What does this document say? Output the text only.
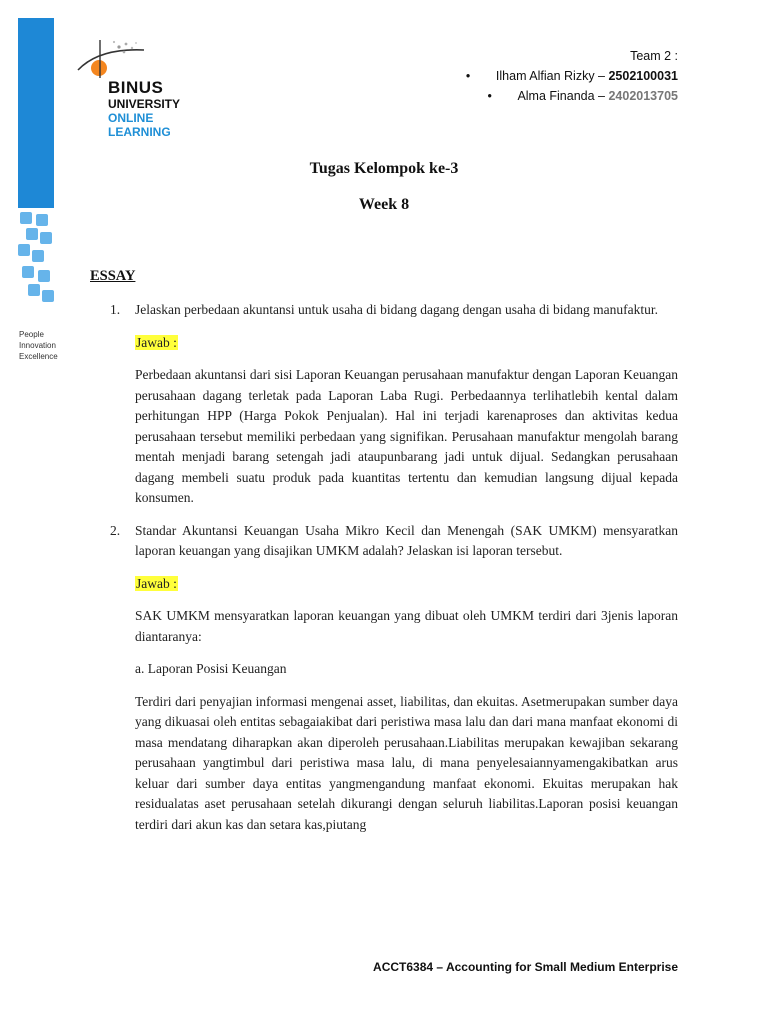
People
Innovation
Excellence
BINUS
UNIVERSITY
ONLINE
LEARNING
Team 2 :
• Ilham Alfian Rizky – 2502100031
• Alma Finanda – 2402013705
Tugas Kelompok ke-3
Week 8
ESSAY
1.	Jelaskan perbedaan akuntansi untuk usaha di bidang dagang dengan usaha di bidang manufaktur.

Jawab :

Perbedaan akuntansi dari sisi Laporan Keuangan perusahaan manufaktur dengan Laporan Keuangan perusahaan dagang terletak pada Laporan Laba Rugi. Perbedaannya terlihatlebih kental dalam perhitungan HPP (Harga Pokok Penjualan). Hal ini terjadi karenaproses dan aktivitas kedua perusahaan tersebut memiliki perbedaan yang signifikan. Perusahaan manufaktur mengolah barang mentah menjadi barang setengah jadi ataupunbarang jadi untuk dijual. Sedangkan perusahaan dagang membeli suatu produk pada kuantitas tertentu dan kemudian langsung dijual kepada konsumen.

2.	Standar Akuntansi Keuangan Usaha Mikro Kecil dan Menengah (SAK UMKM) mensyaratkan laporan keuangan yang disajikan UMKM adalah? Jelaskan isi laporan tersebut.

Jawab :

SAK UMKM mensyaratkan laporan keuangan yang dibuat oleh UMKM terdiri dari 3jenis laporan diantaranya:

a. Laporan Posisi Keuangan

Terdiri dari penyajian informasi mengenai asset, liabilitas, dan ekuitas. Asetmerupakan sumber daya yang dikuasai oleh entitas sebagaiakibat dari peristiwa masa lalu dan dari mana manfaat ekonomi di masa mendatang diharapkan akan diperoleh perusahaan.Liabilitas merupakan kewajiban sekarang perusahaan yangtimbul dari peristiwa masa lalu, di mana penyelesaiannyamengakibatkan arus keluar dari sumber daya entitas yangmengandung manfaat ekonomi. Ekuitas merupakan hak residualatas aset perusahaan setelah dikurangi dengan seluruh liabilitas.Laporan posisi keuangan terdiri dari akun kas dan setara kas,piutang

ACCT6384 – Accounting for Small Medium Enterprise
